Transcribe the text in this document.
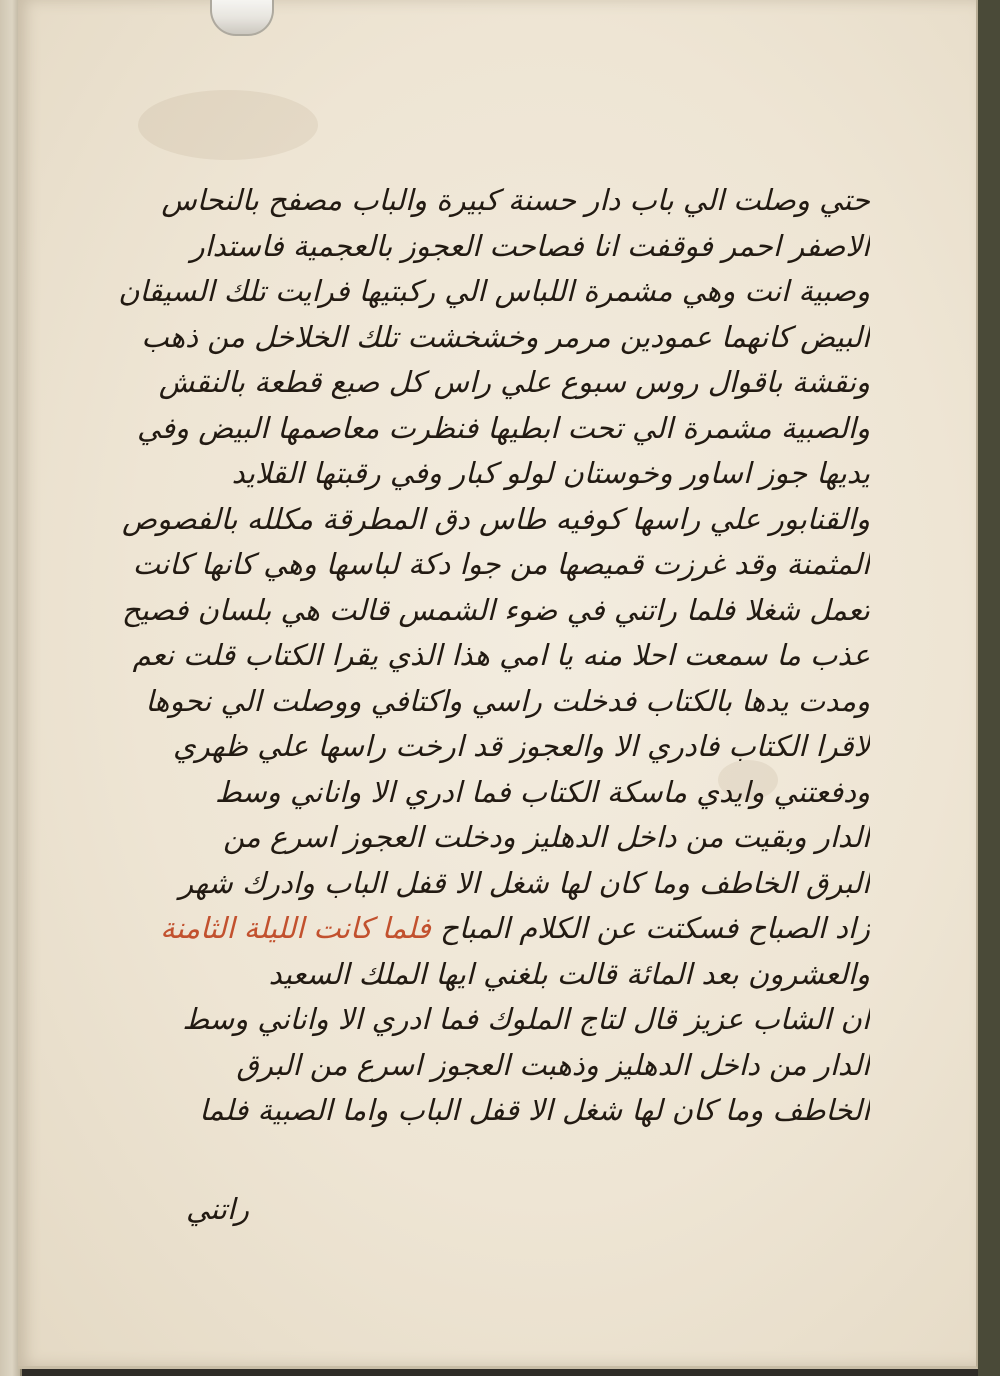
حتي وصلت الي باب دار حسنة كبيرة والباب مصفح بالنحاس
الاصفر احمر فوقفت انا فصاحت العجوز بالعجمية فاستدار
وصبية انت وهي مشمرة اللباس الي ركبتيها فرايت تلك السيقان
البيض كانهما عمودين مرمر وخشخشت تلك الخلاخل من ذهب
ونقشة باقوال روس سبوع علي راس كل صبع قطعة بالنقش
والصبية مشمرة الي تحت ابطيها فنظرت معاصمها البيض وفي
يديها جوز اساور وخوستان لولو كبار وفي رقبتها القلايد
والقنابور علي راسها كوفيه طاس دق المطرقة مكلله بالفصوص
المثمنة وقد غرزت قميصها من جوا دكة لباسها وهي كانها كانت
تعمل شغلا فلما راتني في ضوء الشمس قالت هي بلسان فصيح
عذب ما سمعت احلا منه يا امي هذا الذي يقرا الكتاب قلت نعم
ومدت يدها بالكتاب فدخلت راسي واكتافي ووصلت الي نحوها
لاقرا الكتاب فادري الا والعجوز قد ارخت راسها علي ظهري
ودفعتني وايدي ماسكة الكتاب فما ادري الا واناني وسط
الدار وبقيت من داخل الدهليز ودخلت العجوز اسرع من
البرق الخاطف وما كان لها شغل الا قفل الباب وادرك شهر
زاد الصباح فسكتت عن الكلام المباح فلما كانت الليلة الثامنة
والعشرون بعد المائة قالت بلغني ايها الملك السعيد
ان الشاب عزيز قال لتاج الملوك فما ادري الا واناني وسط
الدار من داخل الدهليز وذهبت العجوز اسرع من البرق
الخاطف وما كان لها شغل الا قفل الباب واما الصبية فلما
راتني
